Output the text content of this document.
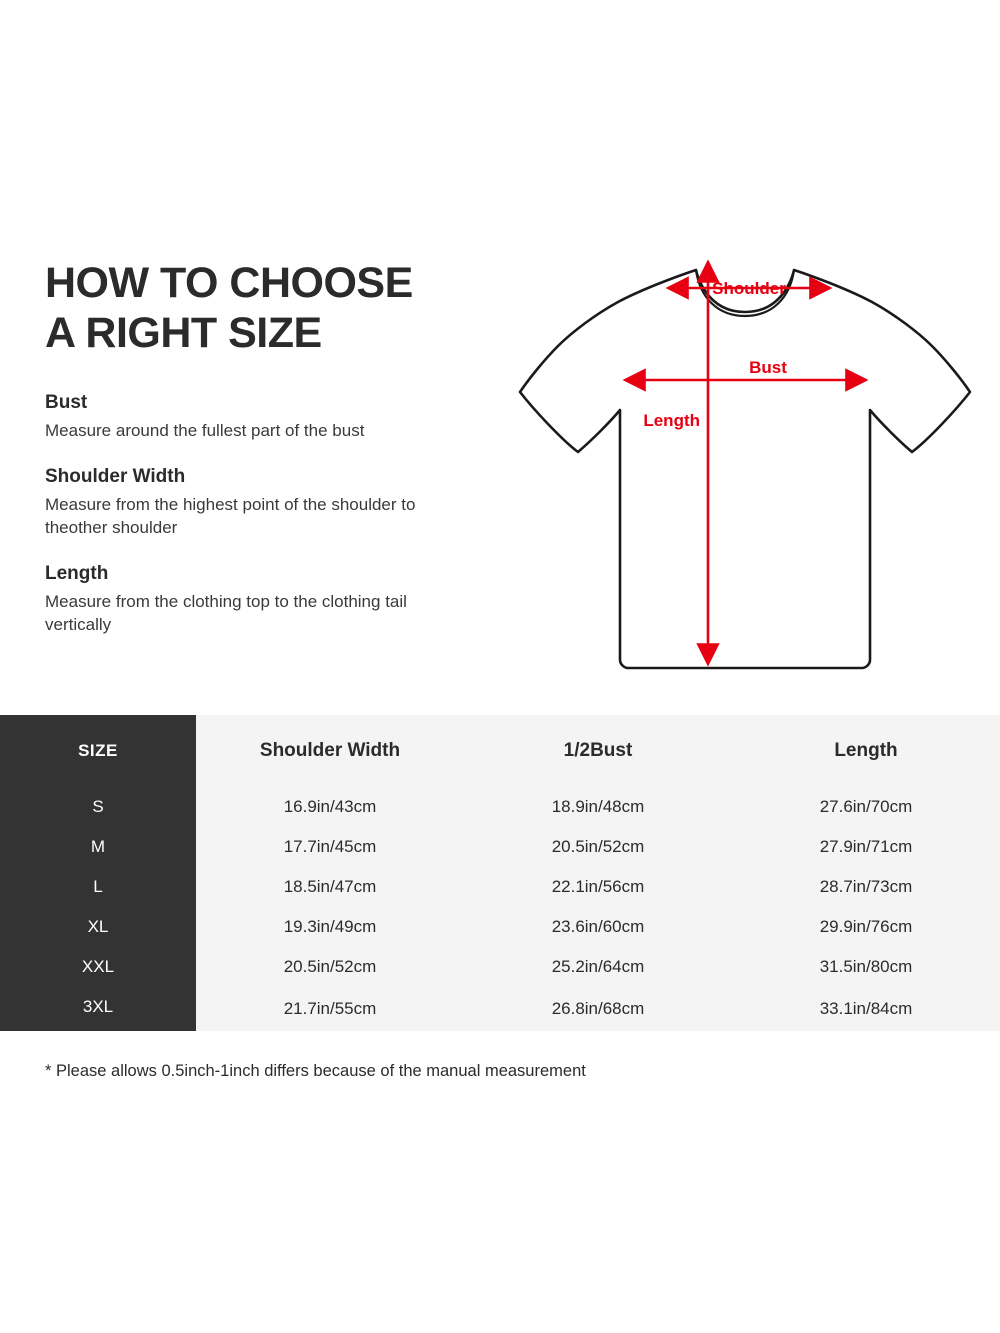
HOW TO CHOOSE
A RIGHT SIZE
Bust
Measure around the fullest part of the bust
Shoulder Width
Measure from the highest point of the shoulder to theother shoulder
Length
Measure from the clothing top to the clothing tail vertically
Shoulder
Bust
Length
SIZE	Shoulder Width	1/2Bust	Length
S	16.9in/43cm	18.9in/48cm	27.6in/70cm
M	17.7in/45cm	20.5in/52cm	27.9in/71cm
L	18.5in/47cm	22.1in/56cm	28.7in/73cm
XL	19.3in/49cm	23.6in/60cm	29.9in/76cm
XXL	20.5in/52cm	25.2in/64cm	31.5in/80cm
3XL	21.7in/55cm	26.8in/68cm	33.1in/84cm
* Please allows 0.5inch-1inch differs because of the manual measurement
